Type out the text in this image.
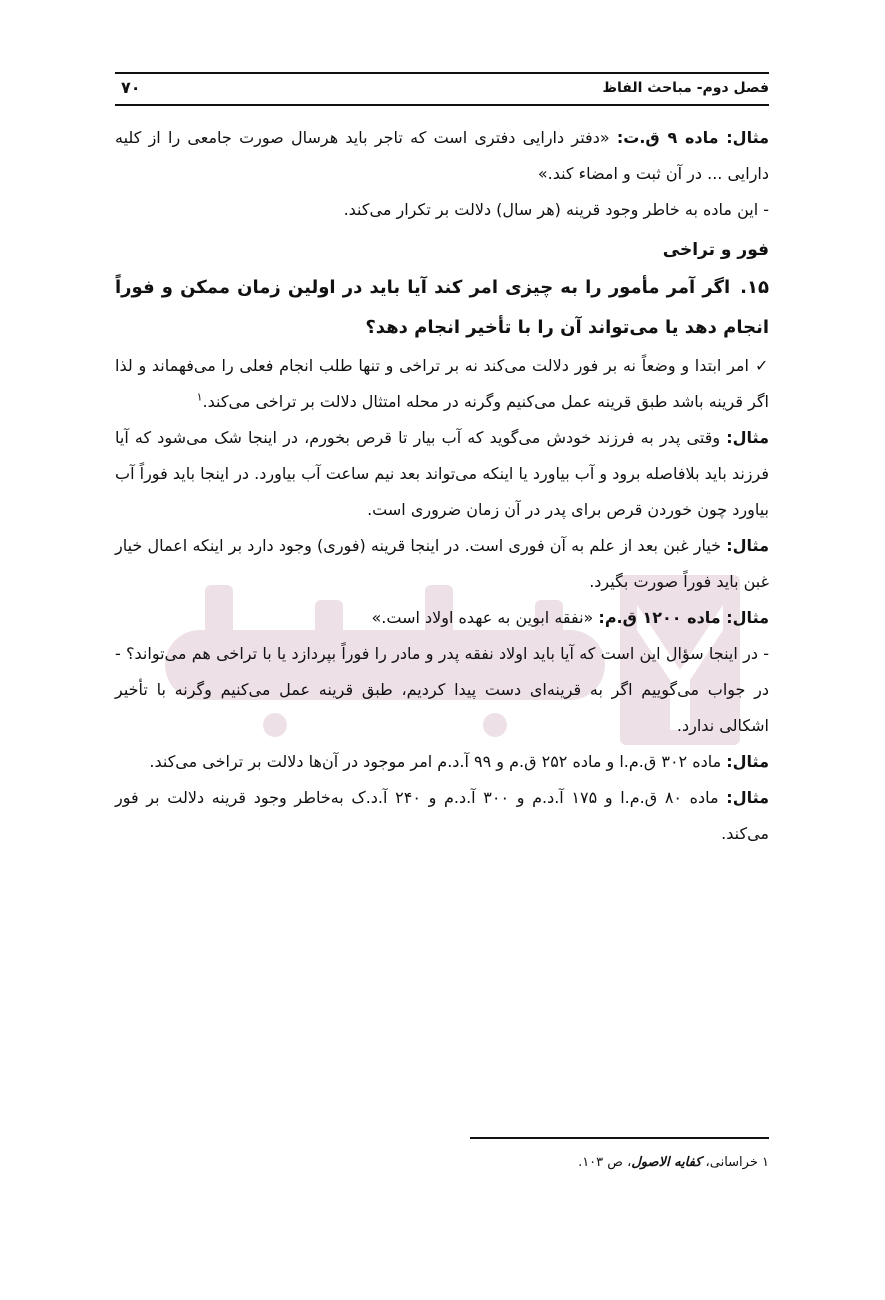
فصل دوم- مباحث الفاظ
۷۰

مثال: ماده ۹ ق.ت: «دفتر دارایی دفتری است که تاجر باید هرسال صورت جامعی را از کلیه دارایی ... در آن ثبت و امضاء کند.»

- این ماده به خاطر وجود قرینه (هر سال) دلالت بر تکرار می‌کند.

فور و تراخی

۱۵.اگر آمر مأمور را به چیزی امر کند آیا باید در اولین زمان ممکن و فوراً انجام دهد یا می‌تواند آن را با تأخیر انجام دهد؟

✓امر ابتدا و وضعاً نه بر فور دلالت می‌کند نه بر تراخی و تنها طلب انجام فعلی را می‌فهماند و لذا اگر قرینه باشد طبق قرینه عمل می‌کنیم وگرنه در محله امتثال دلالت بر تراخی می‌کند.$^۱$

مثال: وقتی پدر به فرزند خودش می‌گوید که آب بیار تا قرص بخورم، در اینجا شک می‌شود که آیا فرزند باید بلافاصله برود و آب بیاورد یا اینکه می‌تواند بعد نیم ساعت آب بیاورد. در اینجا باید فوراً آب بیاورد چون خوردن قرص برای پدر در آن زمان ضروری است.

مثال: خیار غبن بعد از علم به آن فوری است. در اینجا قرینه (فوری) وجود دارد بر اینکه اعمال خیار غبن باید فوراً صورت بگیرد.

مثال: ماده ۱۲۰۰ ق.م: «نفقه ابوین به عهده اولاد است.»

- در اینجا سؤال این است که آیا باید اولاد نفقه پدر و مادر را فوراً بپردازد یا با تراخی هم می‌تواند؟ - در جواب می‌گوییم اگر به قرینه‌ای دست پیدا کردیم، طبق قرینه عمل می‌کنیم وگرنه با تأخیر اشکالی ندارد.

مثال: ماده ۳۰۲ ق.م.ا و ماده ۲۵۲ ق.م و ۹۹ آ.د.م امر موجود در آن‌ها دلالت بر تراخی می‌کند.

مثال: ماده ۸۰ ق.م.ا و ۱۷۵ آ.د.م و ۳۰۰ آ.د.م و ۲۴۰ آ.د.ک به‌خاطر وجود قرینه دلالت بر فور می‌کند.

۱ خراسانی، کفایه الاصول، ص ۱۰۳.
